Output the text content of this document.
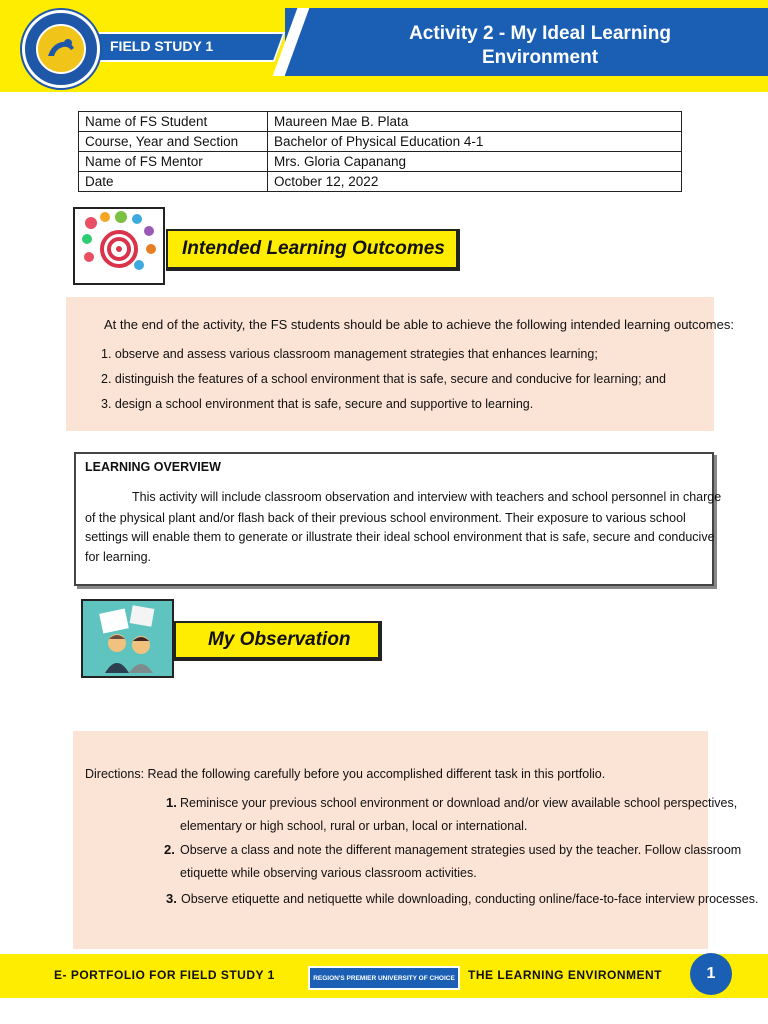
FIELD STUDY 1
Activity 2 - My Ideal Learning
Environment
Name of FS Student	Maureen Mae B. Plata
Course, Year and Section	Bachelor of Physical Education 4-1
Name of FS Mentor	Mrs. Gloria Capanang
Date	October 12, 2022
Intended Learning Outcomes
At the end of the activity, the FS students should be able to achieve the following intended learning outcomes:
1. observe and assess various classroom management strategies that enhances learning;
2. distinguish the features of a school environment that is safe, secure and conducive for learning; and
3. design a school environment that is safe, secure and supportive to learning.
LEARNING OVERVIEW
This activity will include classroom observation and interview with teachers and school personnel in charge
of the physical plant and/or flash back of their previous school environment. Their exposure to various school
settings will enable them to generate or illustrate their ideal school environment that is safe, secure and conducive
for learning.
My Observation
Directions: Read the following carefully before you accomplished different task in this portfolio.
1. Reminisce your previous school environment or download and/or view available school perspectives,
elementary or high school, rural or urban, local or international.
2. Observe a class and note the different management strategies used by the teacher. Follow classroom
etiquette while observing various classroom activities.
3. Observe etiquette and netiquette while downloading, conducting online/face-to-face interview processes.
E- PORTFOLIO FOR FIELD STUDY 1	REGION'S PREMIER UNIVERSITY OF CHOICE THE LEARNING ENVIRONMENT	1
